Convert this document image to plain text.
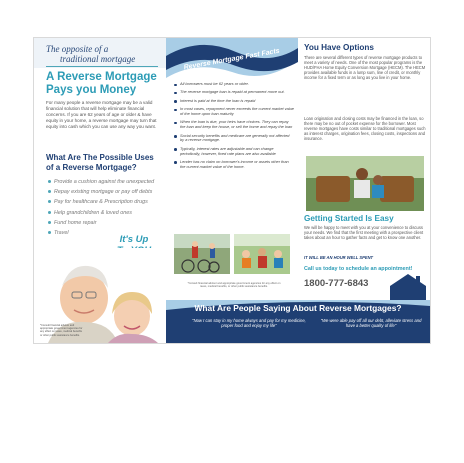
The opposite of a
traditional mortgage
A Reverse Mortgage
Pays you Money
For many people a reverse mortgage may be a valid financial solution that will help eliminate financial concerns. If you are 62 years of age or older & have equity in your home, a reverse mortgage may turn that equity into cash which you can use any way you want.
What Are The Possible Uses
of a Reverse Mortgage?
Provide a cushion against the unexpected
Repay existing mortgage or pay off debts
Pay for healthcare & Prescription drugs
Help grandchildren & loved ones
Fund home repair
Travel
It's Up
*Consult financial advisor and appropriate government agencies for any effect on taxes, medical benefits or other public assistance benefits.
Reverse Mortgage Fast Facts
All borrowers must be 62 years or older.
The reverse mortgage loan is repaid at permanent move out.
Interest is paid at the time the loan is repaid
In most cases, repayment never exceeds the current market value of the home upon loan maturity
When the loan is due, your heirs have choices. They can repay the loan and keep the house, or sell the home and repay the loan
Social security benefits and medicare are generally not affected by a reverse mortgage.
Typically, interest rates are adjustable and can change periodically, however, fixed rate plans are also available
Lender has no claim on borrower's income or assets other than the current market value of the home.
*Consult financial advisor and appropriate government agencies for any effect on taxes, medical benefits, or other public assistance benefits.
You Have Options
There are several different types of reverse mortgage products to meet a variety of needs. One of the most popular programs is the HUD/FHA Home Equity Conversion Mortgage (HECM). The HECM provides available funds in a lump sum, line of credit, or monthly income for a fixed term or as long as you live in your home.
Loan origination and closing costs may be financed in the loan, so there may be no out of pocket expense for the borrower. Most reverse mortgages have costs similar to traditional mortgages such as interest charges, origination fees, closing costs, inspections and insurance.
Getting Started Is Easy
We will be happy to meet with you at your convenience to discuss your needs. We find that the first meeting with a prospective client takes about an hour to gather facts and get to know one another.
IT WILL BE AN HOUR WELL SPENT
Call us today to schedule an appointment!
1800-777-6843
What Are People Saying About Reverse Mortgages?
"Now I can stay in my home always and pay for my medicine, proper food and enjoy my life"
"We were able pay off all our debt, alleviate stress and have a better quality of life"
